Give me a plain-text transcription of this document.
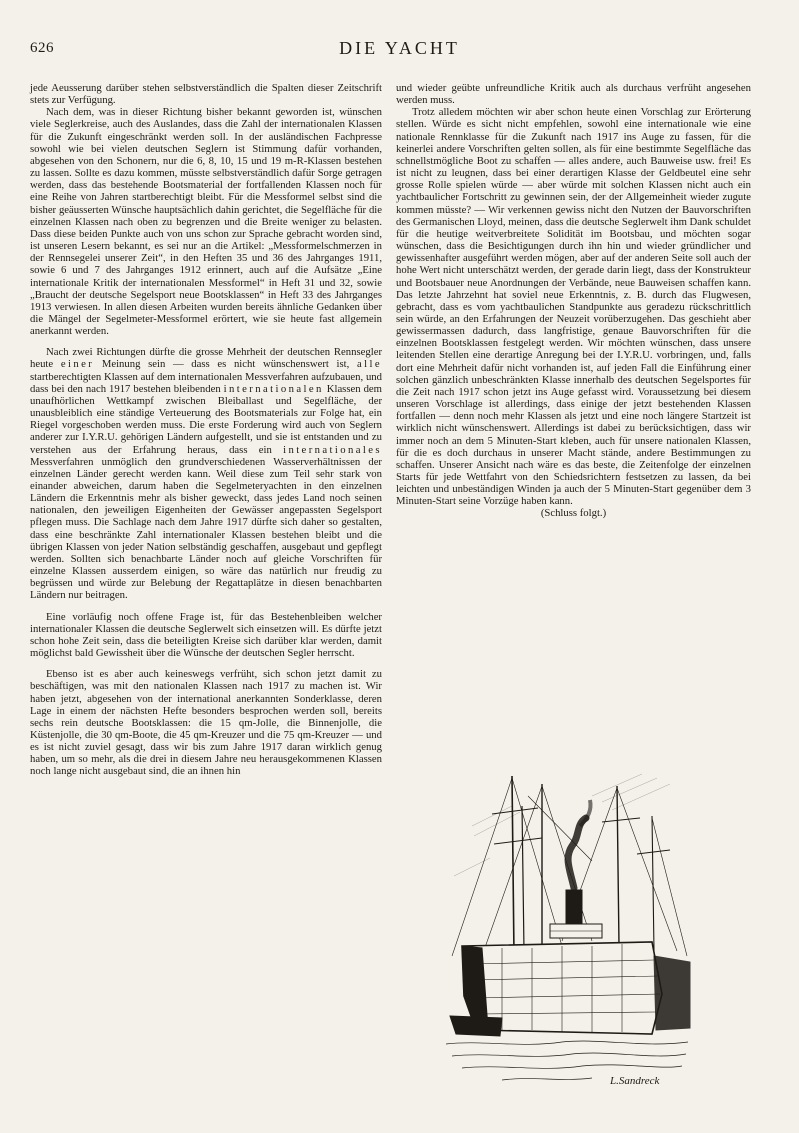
626	DIE YACHT

jede Aeusserung darüber stehen selbstverständlich die Spalten dieser Zeitschrift stets zur Verfügung.

Nach dem, was in dieser Richtung bisher bekannt geworden ist, wünschen viele Seglerkreise, auch des Auslandes, dass die Zahl der internationalen Klassen für die Zukunft eingeschränkt werden soll. In der ausländischen Fachpresse sowohl wie bei vielen deutschen Seglern ist Stimmung dafür vorhanden, abgesehen von den Schonern, nur die 6, 8, 10, 15 und 19 m-R-Klassen bestehen zu lassen. Sollte es dazu kommen, müsste selbstverständlich dafür Sorge getragen werden, dass das bestehende Bootsmaterial der fortfallenden Klassen noch für eine Reihe von Jahren startberechtigt bleibt. Für die Messformel selbst sind die bisher geäusserten Wünsche hauptsächlich dahin gerichtet, die Segelfläche für die einzelnen Klassen nach oben zu begrenzen und die Breite weniger zu belasten. Dass diese beiden Punkte auch von uns schon zur Sprache gebracht worden sind, ist unseren Lesern bekannt, es sei nur an die Artikel: „Messformelschmerzen in der Rennsegelei unserer Zeit“, in den Heften 35 und 36 des Jahrganges 1911, sowie 6 und 7 des Jahrganges 1912 erinnert, auch auf die Aufsätze „Eine internationale Kritik der internationalen Messformel“ in Heft 31 und 32, sowie „Braucht der deutsche Segelsport neue Bootsklassen“ in Heft 33 des Jahrganges 1913 verwiesen. In allen diesen Arbeiten wurden bereits ähnliche Gedanken über die Mängel der Segelmeter-Messformel erörtert, wie sie heute fast allgemein anerkannt werden.

Nach zwei Richtungen dürfte die grosse Mehrheit der deutschen Rennsegler heute einer Meinung sein — dass es nicht wünschenswert ist, alle startberechtigten Klassen auf dem internationalen Messverfahren aufzubauen, und dass bei den nach 1917 bestehen bleibenden internationalen Klassen dem unaufhörlichen Wettkampf zwischen Bleiballast und Segelfläche, der unausbleiblich eine ständige Verteuerung des Bootsmaterials zur Folge hat, ein Riegel vorgeschoben werden muss. Die erste Forderung wird auch von Seglern anderer zur I.Y.R.U. gehörigen Ländern aufgestellt, und sie ist entstanden und zu verstehen aus der Erfahrung heraus, dass ein internationales Messverfahren unmöglich den grundverschiedenen Wasserverhältnissen der einzelnen Länder gerecht werden kann. Weil diese zum Teil sehr stark von einander abweichen, darum haben die Segelmeteryachten in den einzelnen Ländern die Erkenntnis mehr als bisher geweckt, dass jedes Land noch seinen nationalen, den jeweiligen Eigenheiten der Gewässer angepassten Segelsport pflegen muss. Die Sachlage nach dem Jahre 1917 dürfte sich daher so gestalten, dass eine beschränkte Zahl internationaler Klassen bestehen bleibt und die übrigen Klassen von jeder Nation selbständig geschaffen, ausgebaut und gepflegt werden. Sollten sich benachbarte Länder noch auf gleiche Vorschriften für einzelne Klassen ausserdem einigen, so wäre das natürlich nur freudig zu begrüssen und würde zur Belebung der Regattaplätze in diesen benachbarten Ländern nur beitragen.

Eine vorläufig noch offene Frage ist, für das Bestehenbleiben welcher internationaler Klassen die deutsche Seglerwelt sich einsetzen will. Es dürfte jetzt schon hohe Zeit sein, dass die beteiligten Kreise sich darüber klar werden, damit möglichst bald Gewissheit über die Wünsche der deutschen Segler herrscht.

Ebenso ist es aber auch keineswegs verfrüht, sich schon jetzt damit zu beschäftigen, was mit den nationalen Klassen nach 1917 zu machen ist. Wir haben jetzt, abgesehen von der international anerkannten Sonderklasse, deren Lage in einem der nächsten Hefte besonders besprochen werden soll, bereits sechs rein deutsche Bootsklassen: die 15 qm-Jolle, die Binnenjolle, die Küstenjolle, die 30 qm-Boote, die 45 qm-Kreuzer und die 75 qm-Kreuzer — und es ist nicht zuviel gesagt, dass wir bis zum Jahre 1917 daran wirklich genug haben, um so mehr, als die drei in diesem Jahre neu herausgekommenen Klassen noch lange nicht ausgebaut sind, die an ihnen hin

und wieder geübte unfreundliche Kritik auch als durchaus verfrüht angesehen werden muss.

Trotz alledem möchten wir aber schon heute einen Vorschlag zur Erörterung stellen. Würde es sicht nicht empfehlen, sowohl eine internationale wie eine nationale Rennklasse für die Zukunft nach 1917 ins Auge zu fassen, für die keinerlei andere Vorschriften gelten sollen, als für eine bestimmte Segelfläche das schnellstmögliche Boot zu schaffen — alles andere, auch Bauweise usw. frei! Es ist nicht zu leugnen, dass bei einer derartigen Klasse der Geldbeutel eine sehr grosse Rolle spielen würde — aber würde mit solchen Klassen nicht auch ein yachtbaulicher Fortschritt zu gewinnen sein, der der Allgemeinheit wieder zugute kommen müsste? — Wir verkennen gewiss nicht den Nutzen der Bauvorschriften des Germanischen Lloyd, meinen, dass die deutsche Seglerwelt ihm Dank schuldet für die heutige weitverbreitete Solidität im Bootsbau, und möchten sogar wünschen, dass die Besichtigungen durch ihn hin und wieder gründlicher und gewissenhafter ausgeführt werden mögen, aber auf der anderen Seite soll auch der hohe Wert nicht unterschätzt werden, der gerade darin liegt, dass der Konstrukteur und Bootsbauer neue Anordnungen der Verbände, neue Bauweisen schaffen kann. Das letzte Jahrzehnt hat soviel neue Erkenntnis, z. B. durch das Flugwesen, gebracht, dass es vom yachtbaulichen Standpunkte aus geradezu rückschrittlich sein würde, an den Erfahrungen der Neuzeit vorüberzugehen. Das geschieht aber gewissermassen dadurch, dass langfristige, genaue Bauvorschriften für die einzelnen Bootsklassen festgelegt werden. Wir möchten wünschen, dass unsere leitenden Stellen eine derartige Anregung bei der I.Y.R.U. vorbringen, und, falls dort eine Mehrheit dafür nicht vorhanden ist, auf jeden Fall die Einführung einer solchen gänzlich unbeschränkten Klasse innerhalb des deutschen Segelsportes für die Zeit nach 1917 schon jetzt ins Auge gefasst wird. Voraussetzung bei diesem unseren Vorschlage ist allerdings, dass einige der jetzt bestehenden Klassen fortfallen — denn noch mehr Klassen als jetzt und eine noch längere Startzeit ist wirklich nicht wünschenswert. Allerdings ist dabei zu berücksichtigen, dass wir immer noch an dem 5 Minuten-Start kleben, auch für unsere nationalen Klassen, für die es doch durchaus in unserer Macht stände, andere Bestimmungen zu schaffen. Unserer Ansicht nach wäre es das beste, die Zeitenfolge der einzelnen Starts für jede Wettfahrt von den Schiedsrichtern festsetzen zu lassen, da bei leichten und unbeständigen Winden ja auch der 5 Minuten-Start gegenüber dem 3 Minuten-Start seine Vorzüge haben kann.

(Schluss folgt.)

L.Sandreck
